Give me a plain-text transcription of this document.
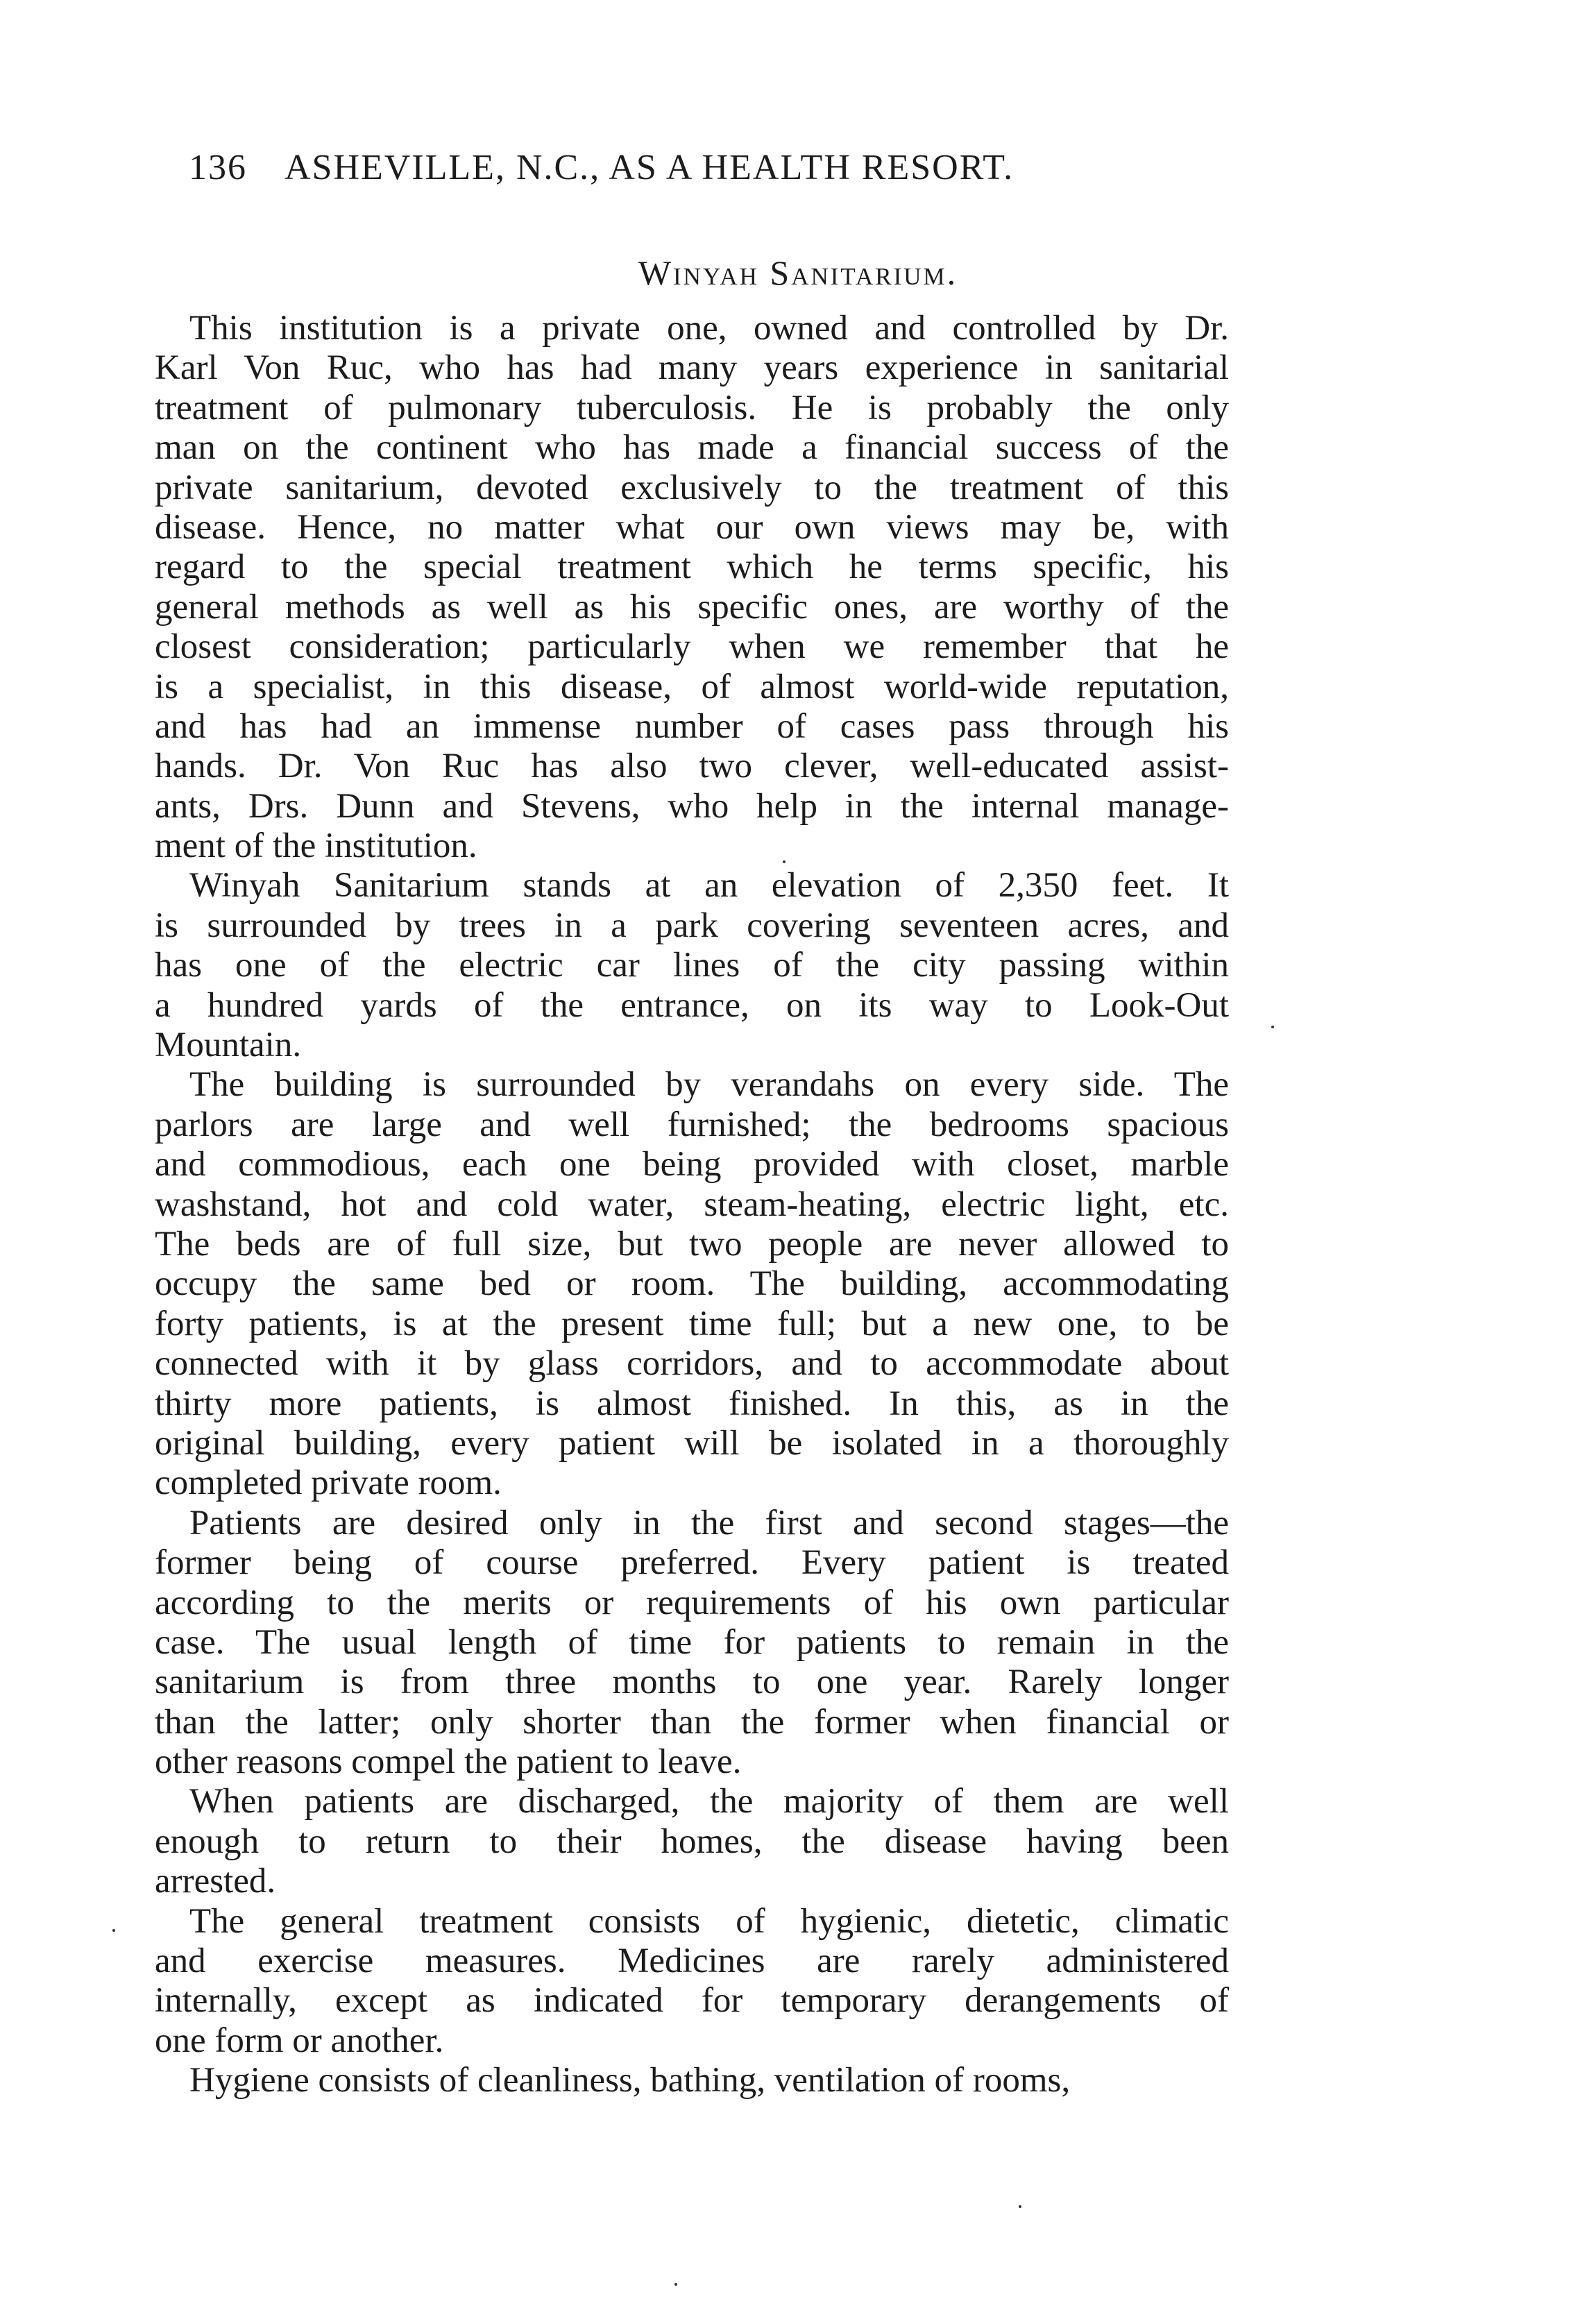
136 ASHEVILLE, N.C., AS A HEALTH RESORT.
Winyah Sanitarium.
This institution is a private one, owned and controlled by Dr.
Karl Von Ruc, who has had many years experience in sanitarial
treatment of pulmonary tuberculosis. He is probably the only
man on the continent who has made a financial success of the
private sanitarium, devoted exclusively to the treatment of this
disease. Hence, no matter what our own views may be, with
regard to the special treatment which he terms specific, his
general methods as well as his specific ones, are worthy of the
closest consideration; particularly when we remember that he
is a specialist, in this disease, of almost world-wide reputation,
and has had an immense number of cases pass through his
hands. Dr. Von Ruc has also two clever, well-educated assist-
ants, Drs. Dunn and Stevens, who help in the internal manage-
ment of the institution.
Winyah Sanitarium stands at an elevation of 2,350 feet. It
is surrounded by trees in a park covering seventeen acres, and
has one of the electric car lines of the city passing within
a hundred yards of the entrance, on its way to Look-Out
Mountain.
The building is surrounded by verandahs on every side. The
parlors are large and well furnished; the bedrooms spacious
and commodious, each one being provided with closet, marble
washstand, hot and cold water, steam-heating, electric light, etc.
The beds are of full size, but two people are never allowed to
occupy the same bed or room. The building, accommodating
forty patients, is at the present time full; but a new one, to be
connected with it by glass corridors, and to accommodate about
thirty more patients, is almost finished. In this, as in the
original building, every patient will be isolated in a thoroughly
completed private room.
Patients are desired only in the first and second stages—the
former being of course preferred. Every patient is treated
according to the merits or requirements of his own particular
case. The usual length of time for patients to remain in the
sanitarium is from three months to one year. Rarely longer
than the latter; only shorter than the former when financial or
other reasons compel the patient to leave.
When patients are discharged, the majority of them are well
enough to return to their homes, the disease having been
arrested.
The general treatment consists of hygienic, dietetic, climatic
and exercise measures. Medicines are rarely administered
internally, except as indicated for temporary derangements of
one form or another.
Hygiene consists of cleanliness, bathing, ventilation of rooms,
